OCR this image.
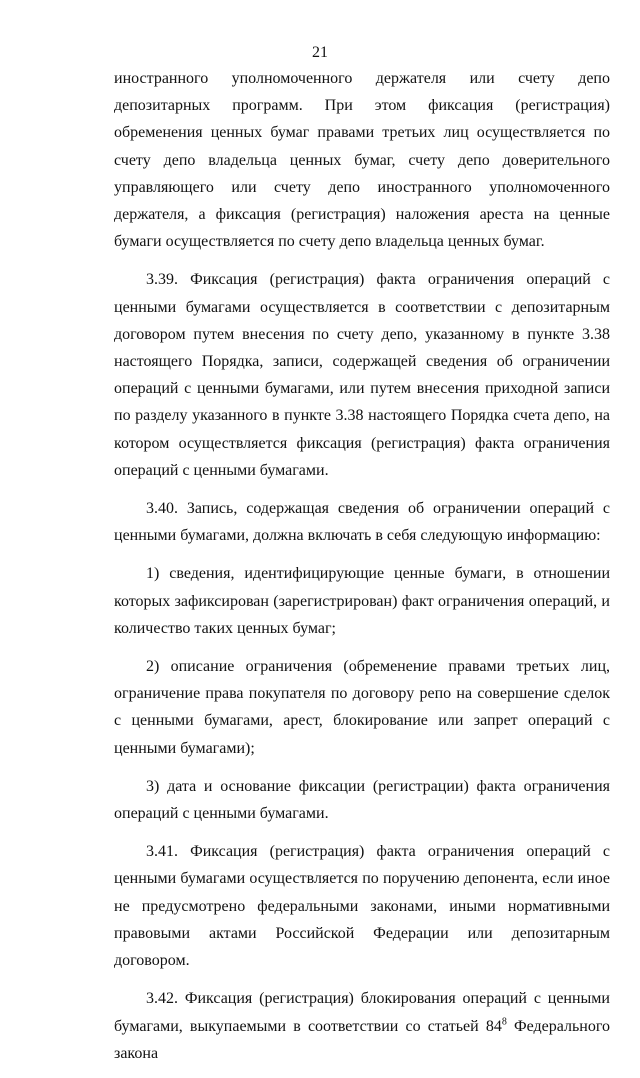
21

иностранного уполномоченного держателя или счету депо депозитарных программ. При этом фиксация (регистрация) обременения ценных бумаг правами третьих лиц осуществляется по счету депо владельца ценных бумаг, счету депо доверительного управляющего или счету депо иностранного уполномоченного держателя, а фиксация (регистрация) наложения ареста на ценные бумаги осуществляется по счету депо владельца ценных бумаг.

3.39. Фиксация (регистрация) факта ограничения операций с ценными бумагами осуществляется в соответствии с депозитарным договором путем внесения по счету депо, указанному в пункте 3.38 настоящего Порядка, записи, содержащей сведения об ограничении операций с ценными бумагами, или путем внесения приходной записи по разделу указанного в пункте 3.38 настоящего Порядка счета депо, на котором осуществляется фиксация (регистрация) факта ограничения операций с ценными бумагами.

3.40. Запись, содержащая сведения об ограничении операций с ценными бумагами, должна включать в себя следующую информацию:

1) сведения, идентифицирующие ценные бумаги, в отношении которых зафиксирован (зарегистрирован) факт ограничения операций, и количество таких ценных бумаг;

2) описание ограничения (обременение правами третьих лиц, ограничение права покупателя по договору репо на совершение сделок с ценными бумагами, арест, блокирование или запрет операций с ценными бумагами);

3) дата и основание фиксации (регистрации) факта ограничения операций с ценными бумагами.

3.41. Фиксация (регистрация) факта ограничения операций с ценными бумагами осуществляется по поручению депонента, если иное не предусмотрено федеральными законами, иными нормативными правовыми актами Российской Федерации или депозитарным договором.

3.42. Фиксация (регистрация) блокирования операций с ценными бумагами, выкупаемыми в соответствии со статьей $84^8$ Федерального закона
